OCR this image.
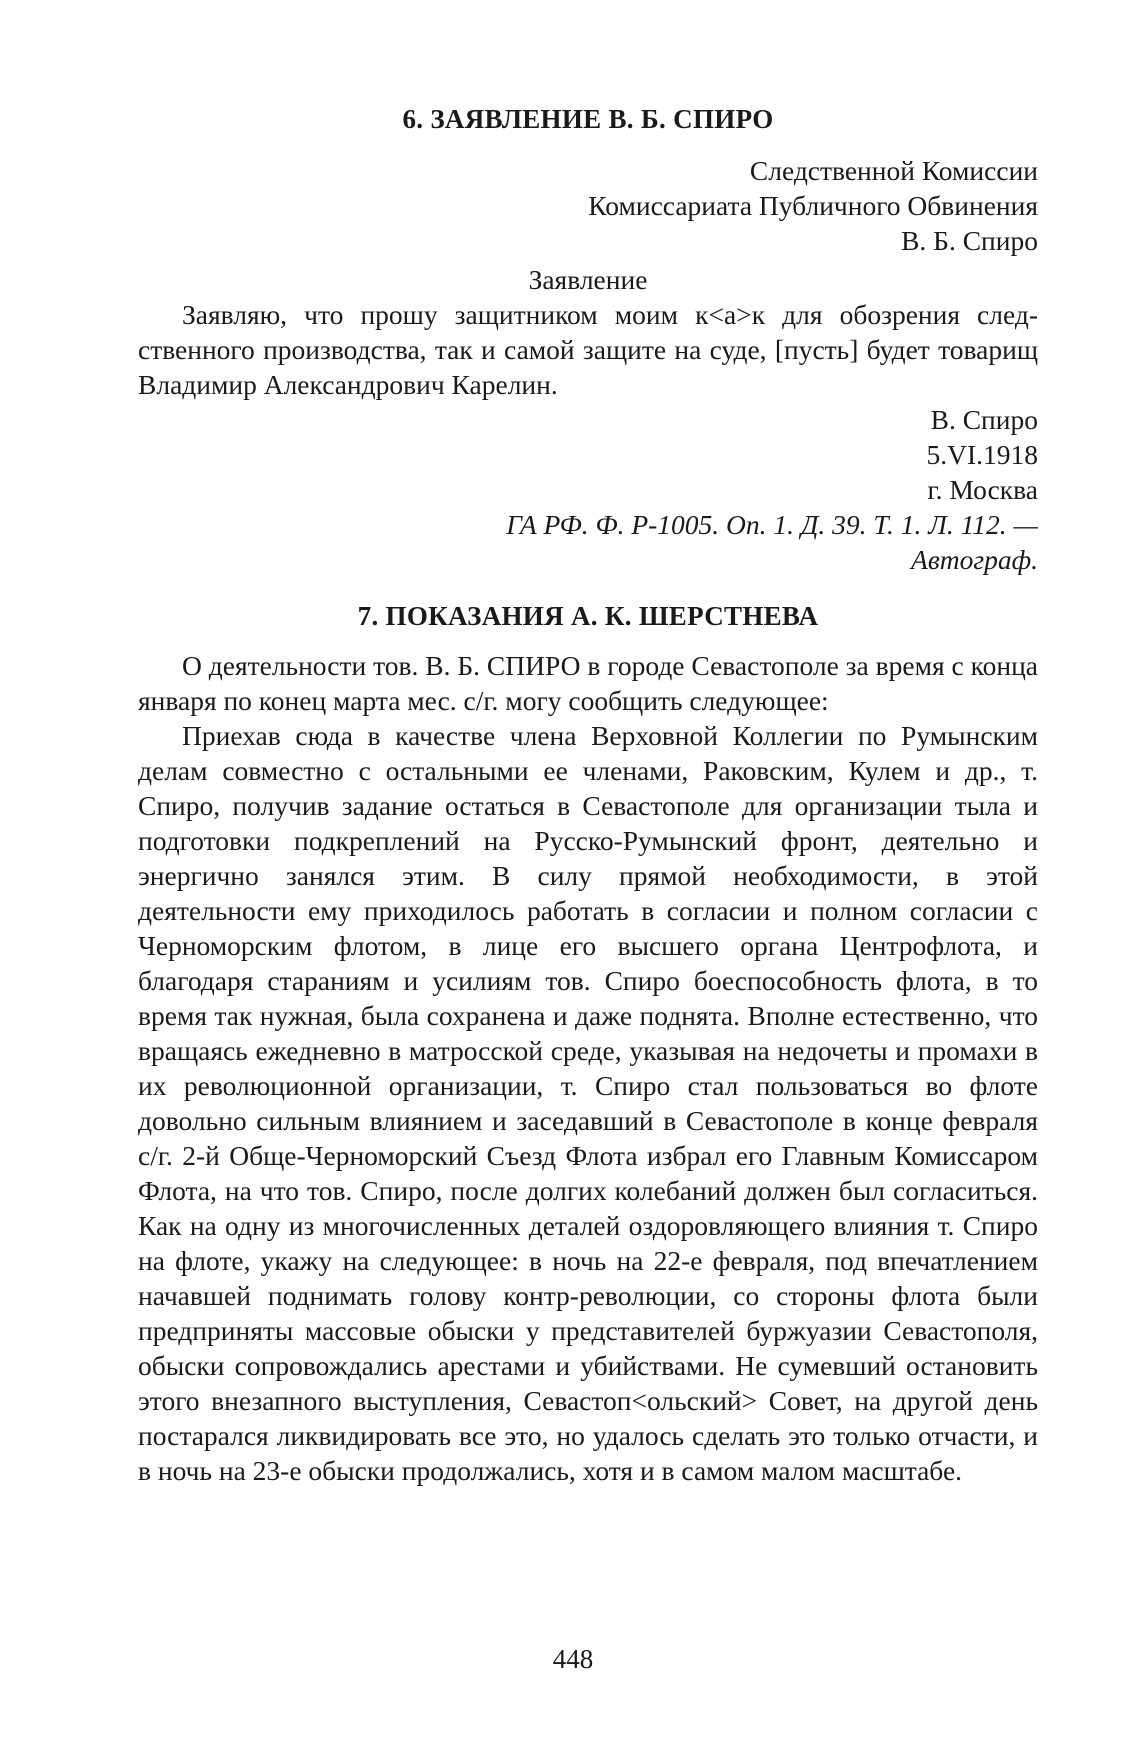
6. ЗАЯВЛЕНИЕ В. Б. СПИРО
Следственной Комиссии
Комиссариата Публичного Обвинения
В. Б. Спиро
Заявление

Заявляю, что прошу защитником моим к<а>к для обозрения следственного производства, так и самой защите на суде, [пусть] будет товарищ Владимир Александрович Карелин.

В. Спиро
5.VI.1918
г. Москва
ГА РФ. Ф. Р-1005. Оп. 1. Д. 39. Т. 1. Л. 112. —
Автограф.
7. ПОКАЗАНИЯ А. К. ШЕРСТНЕВА

О деятельности тов. В. Б. СПИРО в городе Севастополе за время с конца января по конец марта мес. с/г. могу сообщить следующее:

Приехав сюда в качестве члена Верховной Коллегии по Румынским делам совместно с остальными ее членами, Раковским, Кулем и др., т. Спиро, получив задание остаться в Севастополе для организации тыла и подготовки подкреплений на Русско-Румынский фронт, деятельно и энергично занялся этим. В силу прямой необходимости, в этой деятельности ему приходилось работать в согласии и полном согласии с Черноморским флотом, в лице его высшего органа Центрофлота, и благодаря стараниям и усилиям тов. Спиро боеспособность флота, в то время так нужная, была сохранена и даже поднята. Вполне естественно, что вращаясь ежедневно в матросской среде, указывая на недочеты и промахи в их революционной организации, т. Спиро стал пользоваться во флоте довольно сильным влиянием и заседавший в Севастополе в конце февраля с/г. 2-й Обще-Черноморский Съезд Флота избрал его Главным Комиссаром Флота, на что тов. Спиро, после долгих колебаний должен был согласиться. Как на одну из многочисленных деталей оздоровляющего влияния т. Спиро на флоте, укажу на следующее: в ночь на 22-е февраля, под впечатлением начавшей поднимать голову контр-революции, со стороны флота были предприняты массовые обыски у представителей буржуазии Севастополя, обыски сопровождались арестами и убийствами. Не сумевший остановить этого внезапного выступления, Севастоп<ольский> Совет, на другой день постарался ликвидировать все это, но удалось сделать это только отчасти, и в ночь на 23-е обыски продолжались, хотя и в самом малом масштабе.

448
